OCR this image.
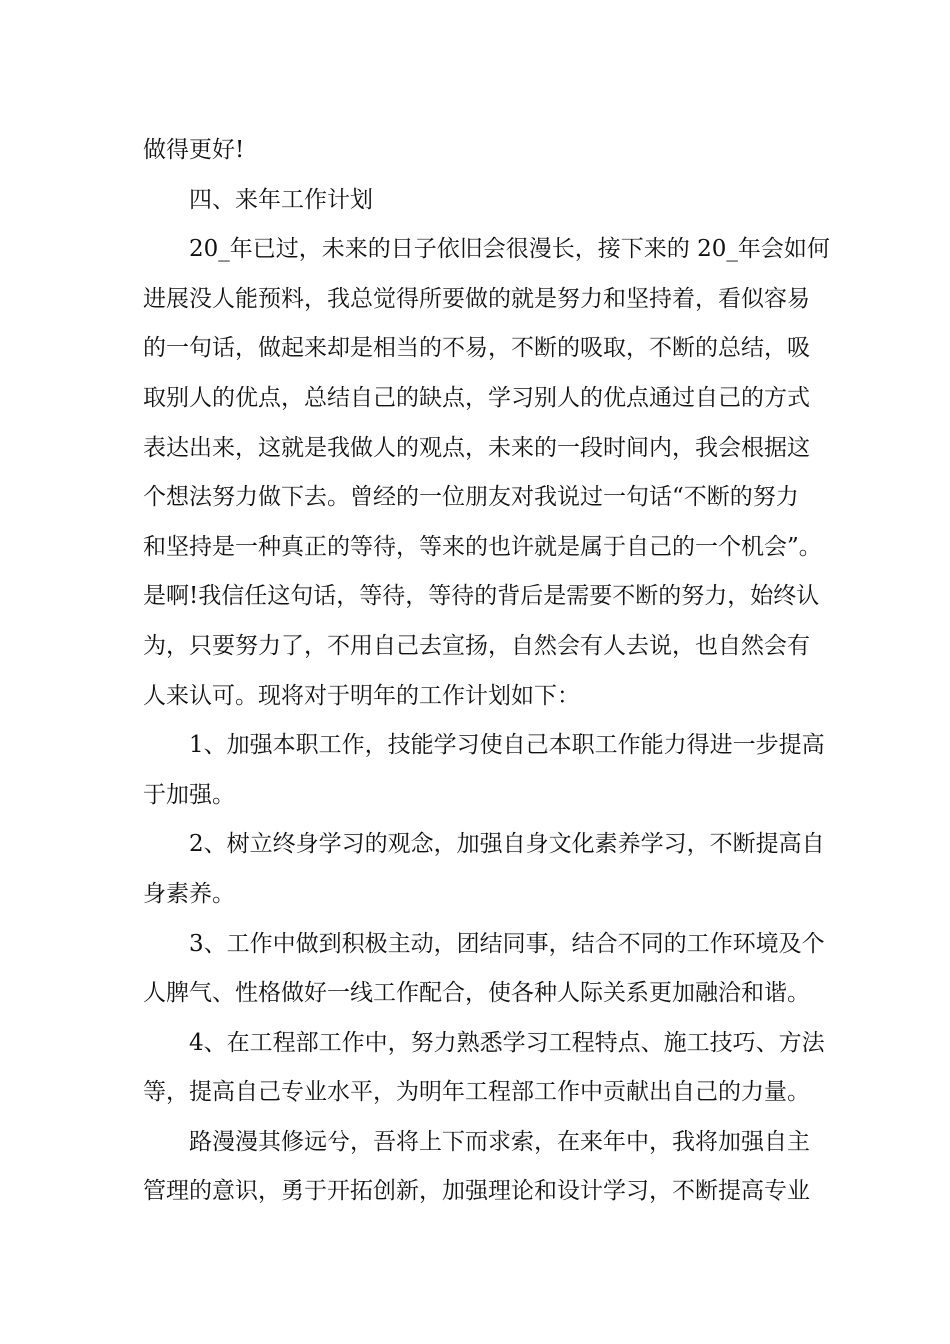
做得更好!
四、来年工作计划
20_年已过，未来的日子依旧会很漫长，接下来的 20_年会如何
进展没人能预料，我总觉得所要做的就是努力和坚持着，看似容易
的一句话，做起来却是相当的不易，不断的吸取，不断的总结，吸
取别人的优点，总结自己的缺点，学习别人的优点通过自己的方式
表达出来，这就是我做人的观点，未来的一段时间内，我会根据这
个想法努力做下去。曾经的一位朋友对我说过一句话“不断的努力
和坚持是一种真正的等待，等来的也许就是属于自己的一个机会”。
是啊!我信任这句话，等待，等待的背后是需要不断的努力，始终认
为，只要努力了，不用自己去宣扬，自然会有人去说，也自然会有
人来认可。现将对于明年的工作计划如下：
1、加强本职工作，技能学习使自己本职工作能力得进一步提高
于加强。
2、树立终身学习的观念，加强自身文化素养学习，不断提高自
身素养。
3、工作中做到积极主动，团结同事，结合不同的工作环境及个
人脾气、性格做好一线工作配合，使各种人际关系更加融洽和谐。
4、在工程部工作中，努力熟悉学习工程特点、施工技巧、方法
等，提高自己专业水平，为明年工程部工作中贡献出自己的力量。
路漫漫其修远兮，吾将上下而求索，在来年中，我将加强自主
管理的意识，勇于开拓创新，加强理论和设计学习，不断提高专业
